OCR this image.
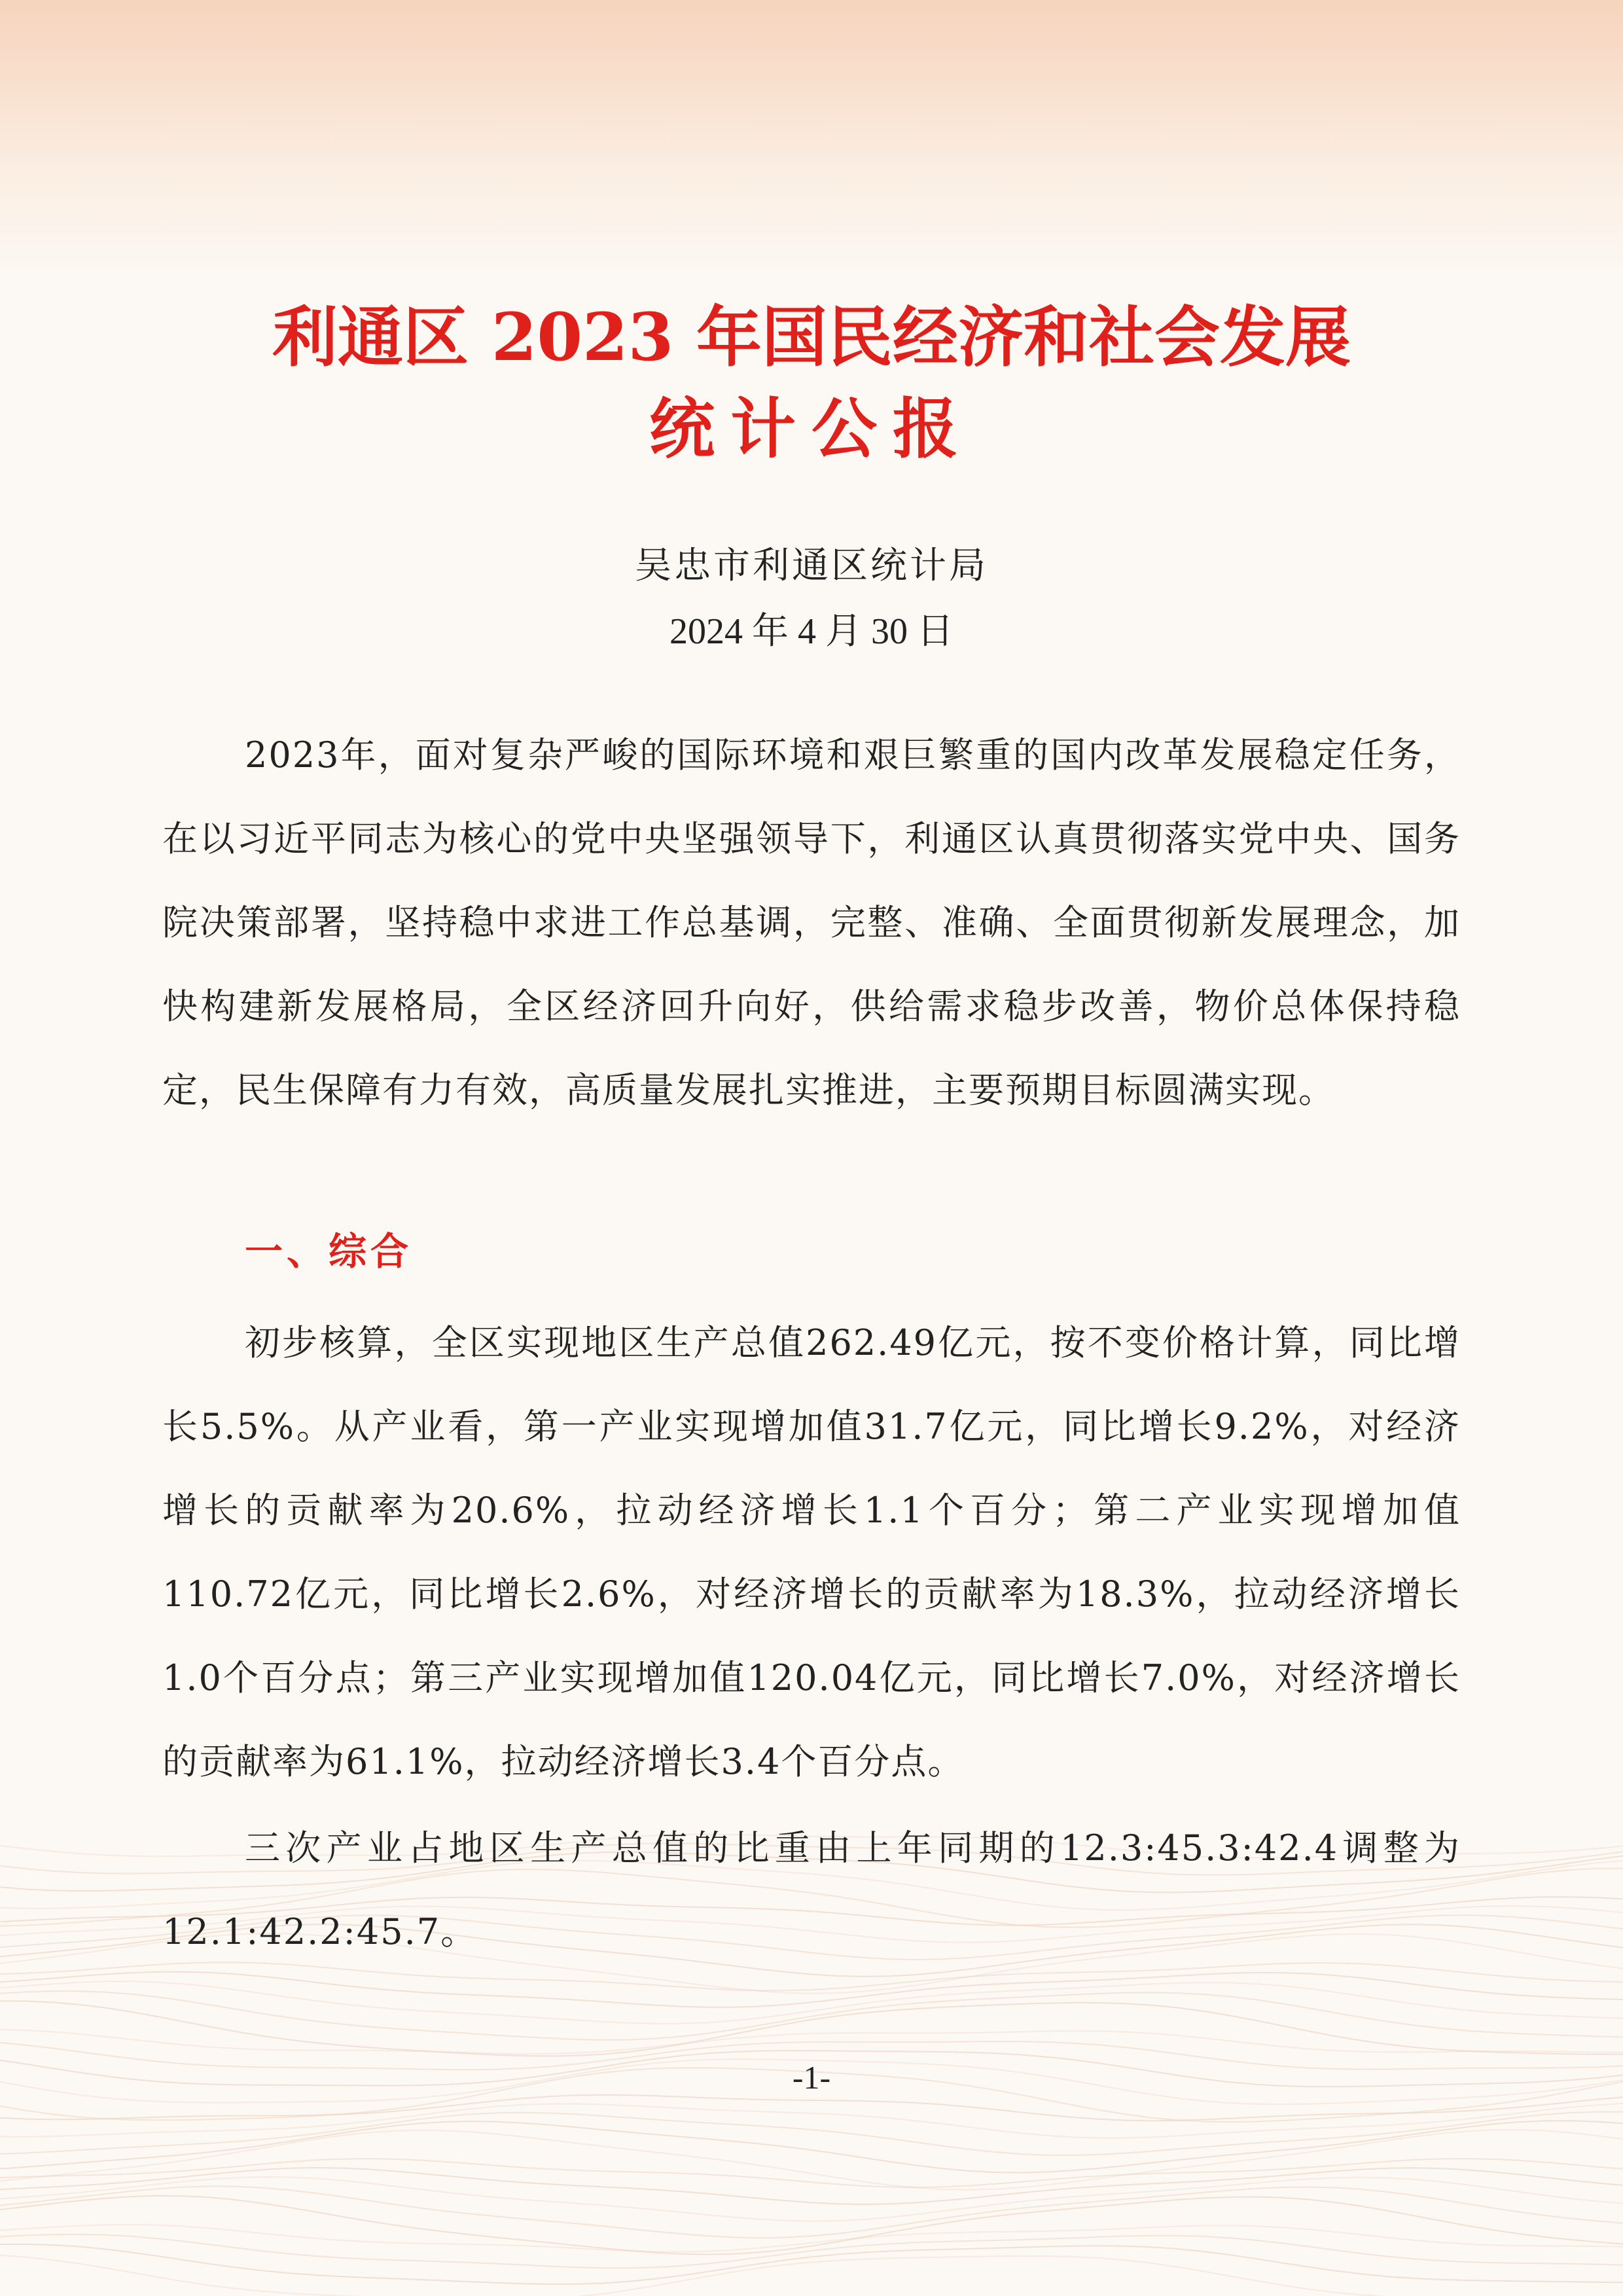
利通区 2023 年国民经济和社会发展
统计公报
吴忠市利通区统计局
2024 年 4 月 30 日

2023年，面对复杂严峻的国际环境和艰巨繁重的国内改革发展稳定任务，在以习近平同志为核心的党中央坚强领导下，利通区认真贯彻落实党中央、国务院决策部署，坚持稳中求进工作总基调，完整、准确、全面贯彻新发展理念，加快构建新发展格局，全区经济回升向好，供给需求稳步改善，物价总体保持稳定，民生保障有力有效，高质量发展扎实推进，主要预期目标圆满实现。

一、综合

初步核算，全区实现地区生产总值262.49亿元，按不变价格计算，同比增长5.5%。从产业看，第一产业实现增加值31.7亿元，同比增长9.2%，对经济增长的贡献率为20.6%，拉动经济增长1.1个百分；第二产业实现增加值110.72亿元，同比增长2.6%，对经济增长的贡献率为18.3%，拉动经济增长1.0个百分点；第三产业实现增加值120.04亿元，同比增长7.0%，对经济增长的贡献率为61.1%，拉动经济增长3.4个百分点。

三次产业占地区生产总值的比重由上年同期的12.3:45.3:42.4调整为12.1:42.2:45.7。

-1-
